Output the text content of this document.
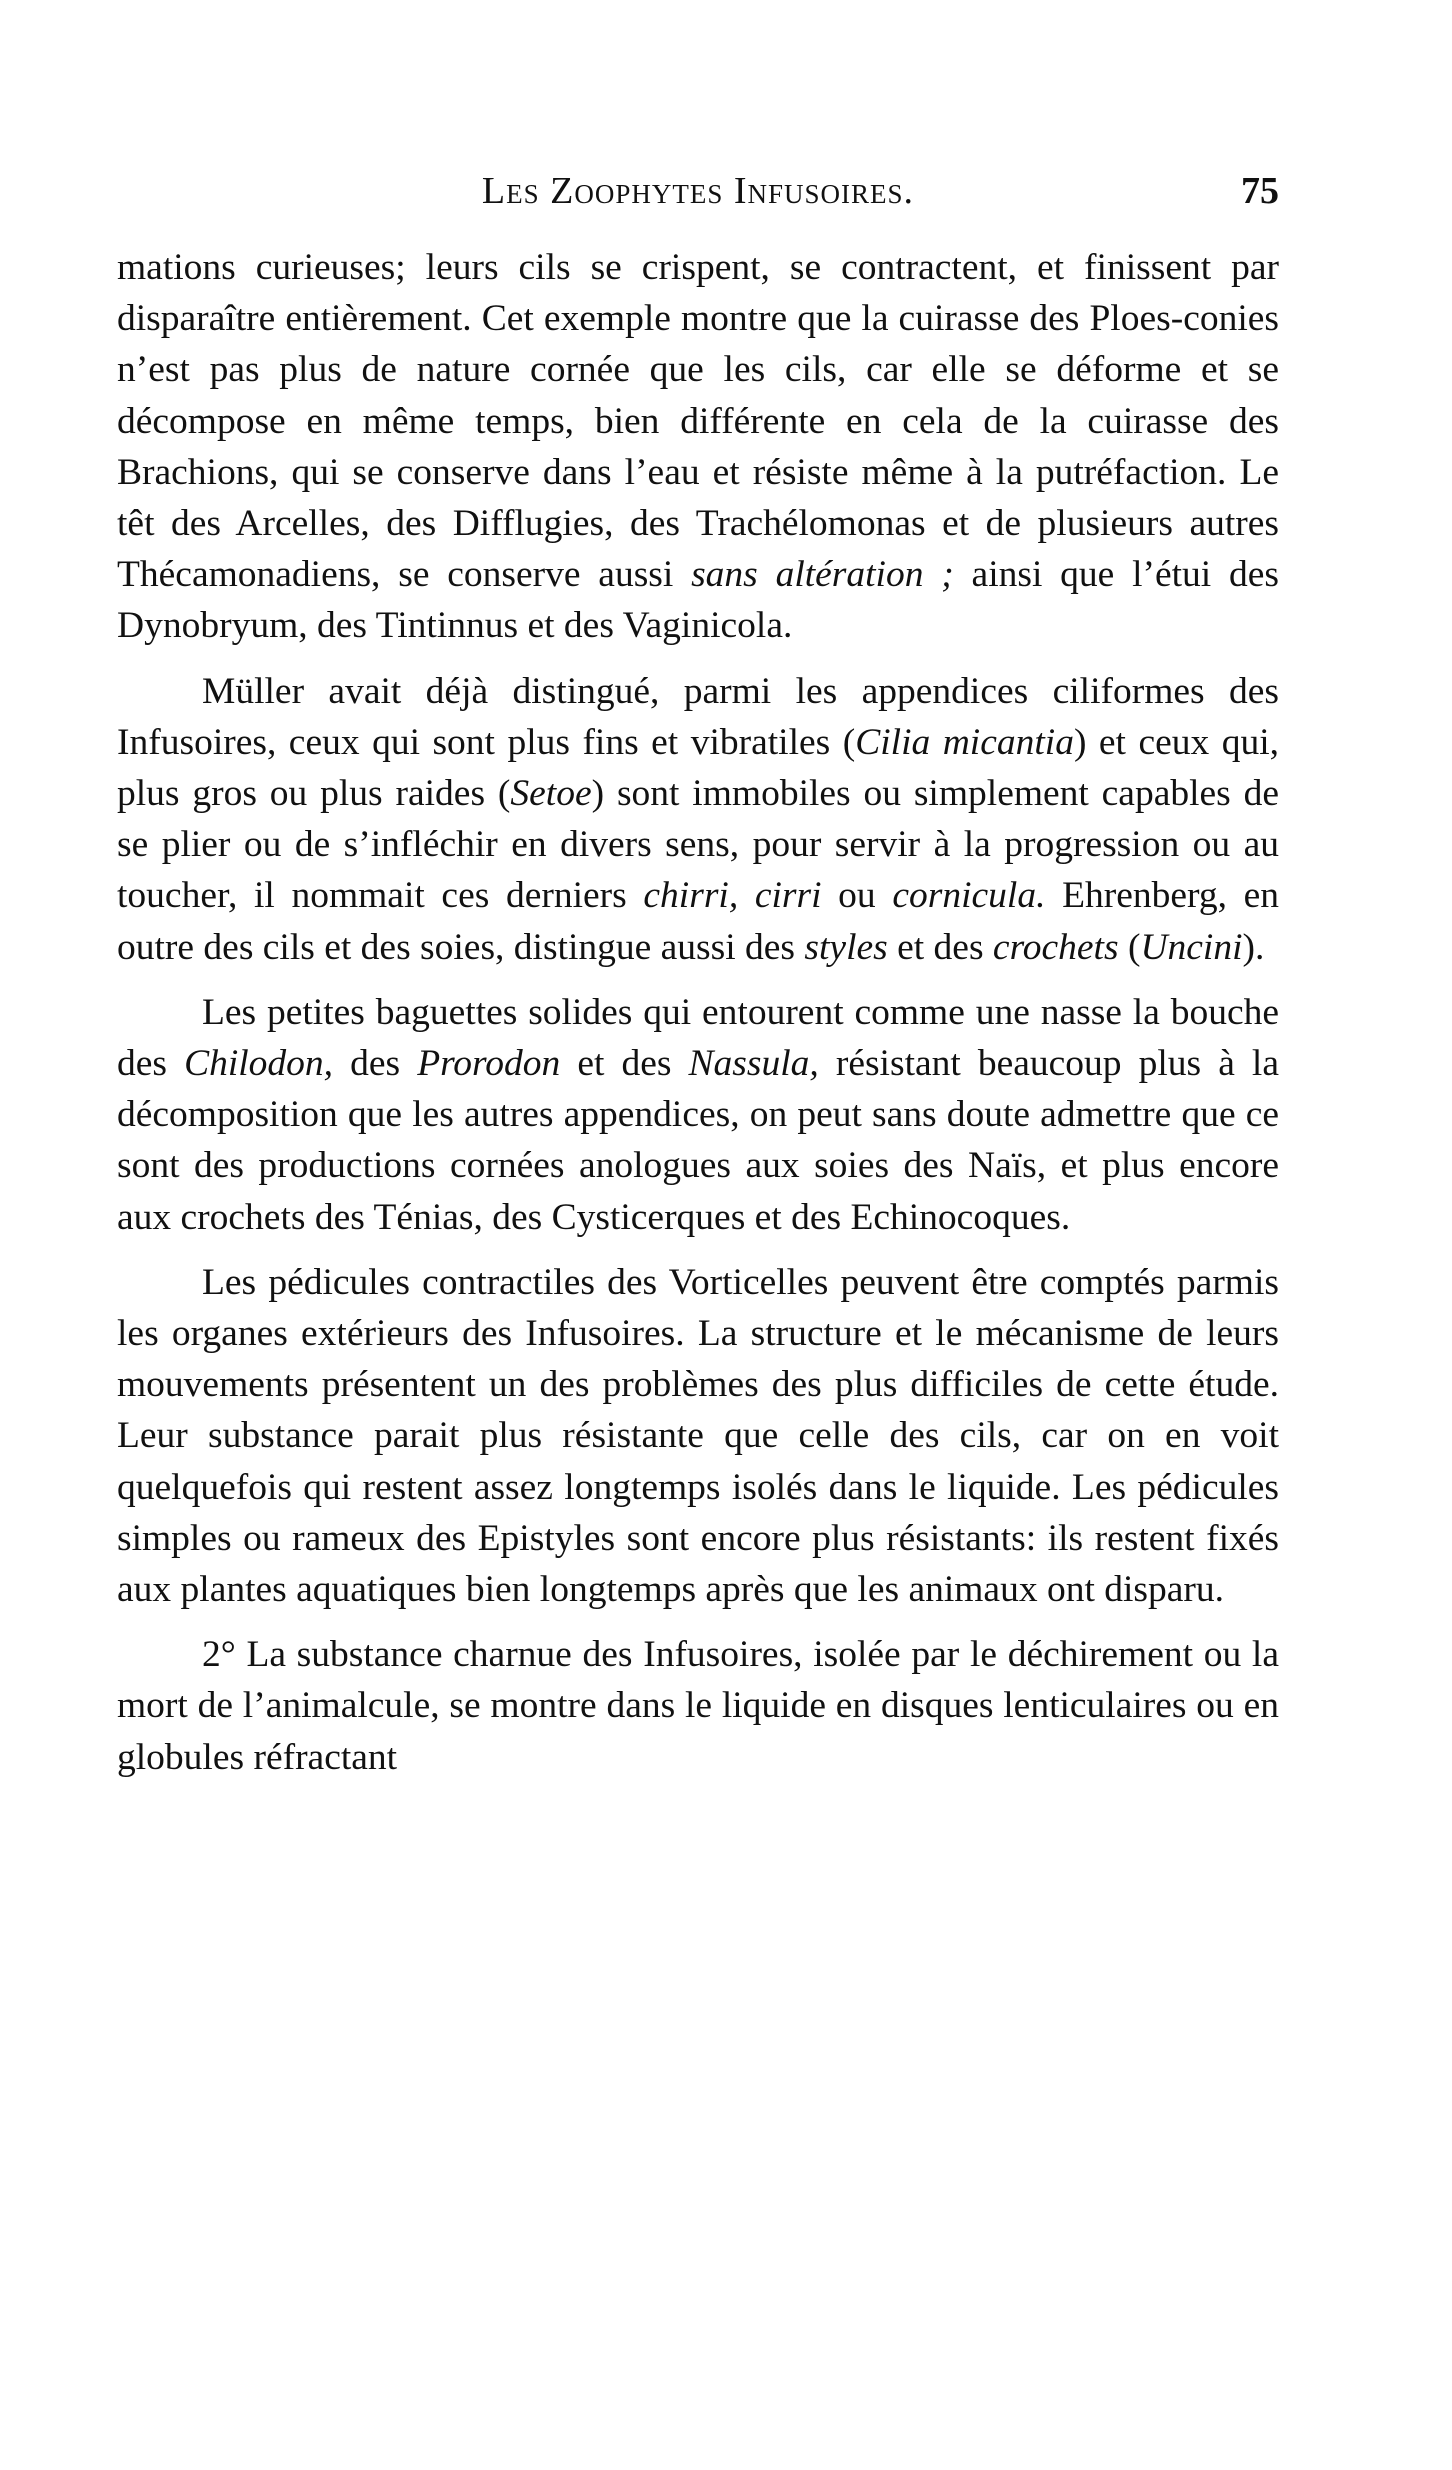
Les Zoophytes Infusoires.	75

mations curieuses; leurs cils se crispent, se contractent, et finissent par disparaître entièrement. Cet exemple montre que la cuirasse des Ploes-conies n’est pas plus de nature cornée que les cils, car elle se déforme et se décompose en même temps, bien différente en cela de la cuirasse des Brachions, qui se conserve dans l’eau et résiste même à la putréfaction. Le têt des Arcelles, des Difflugies, des Trachélomonas et de plusieurs autres Thécamonadiens, se conserve aussi sans altération ; ainsi que l’étui des Dynobryum, des Tintinnus et des Vaginicola.

Müller avait déjà distingué, parmi les appendices ciliformes des Infusoires, ceux qui sont plus fins et vibratiles (Cilia micantia) et ceux qui, plus gros ou plus raides (Setoe) sont immobiles ou simplement capables de se plier ou de s’infléchir en divers sens, pour servir à la progression ou au toucher, il nommait ces derniers chirri, cirri ou cornicula. Ehrenberg, en outre des cils et des soies, distingue aussi des styles et des crochets (Uncini).

Les petites baguettes solides qui entourent comme une nasse la bouche des Chilodon, des Prorodon et des Nassula, résistant beaucoup plus à la décomposition que les autres appendices, on peut sans doute admettre que ce sont des productions cornées anologues aux soies des Naïs, et plus encore aux crochets des Ténias, des Cysticerques et des Echinocoques.

Les pédicules contractiles des Vorticelles peuvent être comptés parmis les organes extérieurs des Infusoires. La structure et le mécanisme de leurs mouvements présentent un des problèmes des plus difficiles de cette étude. Leur substance parait plus résistante que celle des cils, car on en voit quelquefois qui restent assez longtemps isolés dans le liquide. Les pédicules simples ou rameux des Epistyles sont encore plus résistants: ils restent fixés aux plantes aquatiques bien longtemps après que les animaux ont disparu.

2° La substance charnue des Infusoires, isolée par le déchirement ou la mort de l’animalcule, se montre dans le liquide en disques lenticulaires ou en globules réfractant
